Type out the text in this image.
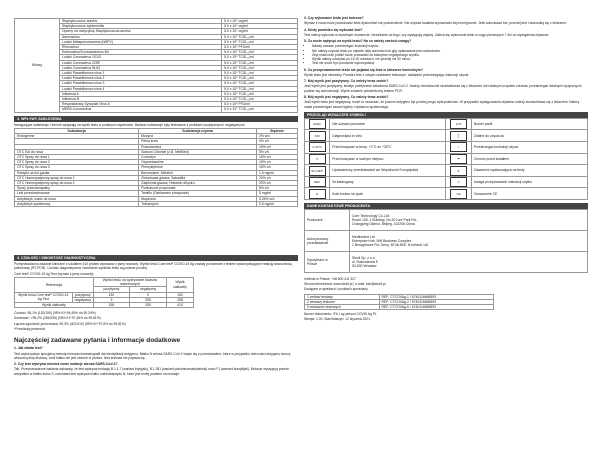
Wirusy	Staphylococcus aureus	5.0 x 10⁶ org/ml
	Staphylococcus epidermidis	5.0 x 10⁶ org/ml
	Oporny na metycylinę Staphylococcus aureus	5.0 x 10⁶ org/ml
	Adenowirus	5.0 x 10⁵ TCID₅₀/ml
	Ludzki Metapneumowirus (hMPV)	5.0 x 10⁵ TCID₅₀/ml
	Rhinowirus	5.0 x 10⁵ PFU/ml
	Enterowirus/Coxsackievirus B4	5.0 x 10⁵ TCID₅₀/ml
	Ludzki Coronavirus OC43	5.0 x 10⁵ TCID₅₀/ml
	Ludzki Coronavirus 229E	5.0 x 10⁵ TCID₅₀/ml
	Ludzki Coronavirus NL63	5.0 x 10⁵ TCID₅₀/ml
	Ludzki Parainfluenza virus 1	5.0 x 10⁵ TCID₅₀/ml
	Ludzki Parainfluenza virus 2	5.0 x 10⁵ TCID₅₀/ml
	Ludzki Parainfluenza virus 3	5.0 x 10⁵ TCID₅₀/ml
	Ludzki Parainfluenza virus 4	5.0 x 10⁵ TCID₅₀/ml
	Influenza A	5.0 x 10⁵ TCID₅₀/ml
	Influenza B	5.0 x 10⁵ TCID₅₀/ml
	Respiratorowy Syncytial Virus A	5.0 x 10⁵ PFU/ml
	MERS-Coronavirus	5.0 x 10⁵ TCID₅₀/ml
3. WPŁYWY ZAKŁÓCENIA

Następujące substancje i leki nie wpływają na wynik testu w podanych stężeniach. Badane substancje były testowane z próbkami pozytywnymi i negatywnymi.

Substancja	Substancja czynna	Stężenie
Endogenne	Mucyna	2% w/v
	Pełna krew	4% v/v
	Pramalamina	15% v/v
OTC Sól do nosa	Sodium Chloride (z.B. NeilMed)	5% v/v
OTC Spray do nosa 1	Cromolyn	15% v/v
OTC Spray do nosa 2	Oxymetazoline	15% v/v
OTC Spray do nosa 3	Phenylephrine	15% v/v
Pastylki na ból gardła	Benzocaine, Menthol	1.5 mg/ml
OTC Homeopatyczny spray do nosa 1	Zielonkawa glauca, Sabadilla	20% v/v
OTC Homeopatyczny spray do nosa 2	Galphimia glauca, Histamin dihydro.	20% v/v
Spray przeciwzapalny	Fluticasone propionate	5% v/v
Leki przeciwwirusowe	Tamiflu (Oseltamivir phosphate)	5 mg/ml
Antybiotyk, maść do nosa	Mupirocin	0.25% w/v
Antybiotyk systemowy	Tobramycin	0.5 mg/ml
4. CZUŁOŚĆ I SWOISTOŚĆ DIAGNOSTYCZNA

Przeprowadzono badanie kliniczne z udziałem 410 próbek wymazów z jamy nosowej. Wyniki testu Core testᴿ COVID-19 Ag zostały porównane z testem wykorzystującym reakcję łańcuchową polimerazy (RT-PCR). Czułość diagnostyczna i swoistość wyników testu są podane poniżej.

Core testᴿ COVID-19 Ag Test (wymaz z jamy nosowej)

Referencja		Wyniki testu na wykrywanie kwasów nukleinowych		Wynik całkowity
		pozytywny	negatywny	
Wynik testu Core testᴿ COVID-19 Ag Test	pozytywny	152	0	152
	negatywny	3	255	258
Wynik całkowity		155	255	410

Czułość: 98,1% (152/155) (95% KI*:94,45% do 99,34%)

Swoistość: >99,2% (255/255) (95% KI*:97,45% do 99,81%)

Łączna zgodność procentowa: 99,3% (407/410) (95% KI*:97,8% do 99,81%)

*Przedziały pewności

Najczęściej zadawane pytania i informacje dodatkowe

1. Jak działa test?

Test wykorzystuje specjalną metodę immunochromatografii dla identyfikacji antygenu. Białko N wirusa SARS-CoV-2 wiąże się z przeciwciałem, które w przypadku obecności antygenu tworzy widoczną linię testową. Jeśli białko nie jest obecne w próbce, linia testowa nie pojawia się.

2. Czy test wykrywa również nowe mutacje wirusa SARS-CoV-2?

Tak. Przeprowadzone badania wykazały, że test wykrywa mutację B.1.1.7 (wariant brytyjski), B.1.351 (wariant południowoafrykański) oraz P.1 (wariant brazylijski). Mutacje występują przede wszystkim w białku kolca S, natomiast test wykrywa białko nukleokapsydu N, które jest mniej podatne na mutacje.

3. Czy wykonanie testu jest bolesne?

Wymaz z nosa może powodować lekki dyskomfort lub podrażnienie. Nie używać badania wymazówki zbyt energicznie. Jeśli odczuwasz ból, przerwij test i skonsultuj się z lekarzem.

4. Kiedy powinien się wykonać test?

Test należy wykonać w dowolnym momencie, niezależnie od tego, czy występują objawy. Zaleca się wykonanie testu w ciągu pierwszych 7 dni od wystąpienia objawów.

5. Co może wpłynąć na wynik testu? Na co należy zwrócić uwagę?

• Należy zawsze przestrzegać instrukcji użycia.
• Nie należy używać testu po upływie daty ważności lub gdy opakowanie jest uszkodzone.
• Zbyt mała ilość próbki może prowadzić do fałszywie negatywnego wyniku.
• Wynik należy odczytać po 15-20 minutach, nie później niż 20 minut.
• Test nie może być ponownie wykorzystany.

6. Co przeprowadzenie testu nie pojawia się linia w obszarze kontrolnym?

Wynik testu jest nieważny. Powtórz test z nowym zestawem testowym, dokładnie przestrzegając instrukcji użycia.

7. Mój wynik jest pozytywny. Co należy teraz zrobić?

Jeśli wynik jest pozytywny, istnieje podejrzenie zakażenia SARS-CoV-2. Należy niezwłocznie skontaktować się z lekarzem lub lokalnym urzędem zdrowia, przestrzegać lokalnych wytycznych i poddać się samoizolacji. Wynik zostanie potwierdzony testem PCR.

8. Mój wynik jest negatywny. Co należy teraz zrobić?

Jeśli wynik testu jest negatywny, może to oznaczać, że poziom antygenu był poniżej progu wykrywalności. W przypadku występowania objawów należy skonsultować się z lekarzem. Należy nadal przestrzegać zasad higieny i dystansu społecznego.

PRZEGLĄD WZNACZEŃ SYMBOLI
NoRe	Nie używać ponownie	LOT	Numer partii
IVD	Diagnostyka in vitro	⌛	Zdatne do użycia do
2-30°C	Przechowywać w temp. +2°C do +30°C	i	Przestrzegać instrukcji użycia
☀	Przechowywać w suchym miejscu	☂	Chronić przed światłem
EC REP	Upoważniony przedstawiciel we Wspólnocie Europejskiej	Σ	Zawartość wystarczająca na testy
REF	Nr katalogowy	⚠	Uwaga przeprowadzić instrukcji użytku
⊘	Ilość testów na opak	CE	Oznaczenie CE
DANE KONTAKTOWE PRODUCENTA
Producent	Core Technology Co.,Ltd
Room 105, 2 Building, No.20 Lize Park Rd.,
Changping District, Beijing, 102206 China
Autoryzowany
przedstawiciel	Medfunded Ltd
Enterprise Hub, NW Business Complex
1 Beraghmore Rd, Derry, BT48 8SE, N.Ireland, UK
Dystrybutor w
Polsce	Stezil Sp. z o.o.
ul. Rakowiecka 5
54-530 Wrocław

Infolinia w Polsce: +48 800 411 327

Strona internetowa: www.stezil.pl | e-mail: info@stezil.pl

Dostępne w aptekach i punktach sprzedaży.

1 zestaw testowy	REF: CTCOVAg-1 / 6740116666593
2 zestawy testowe	REF: CTCOVAg-2 / 6740116666593
5 zestawów testowych	REF: CTCOVAg-5 / 6740116666593

Numer dokumentu: IFU Lay-person COVID Ag PL

Wersja: 1.00, Stan/Maszyn: 12 stycznia 2021
